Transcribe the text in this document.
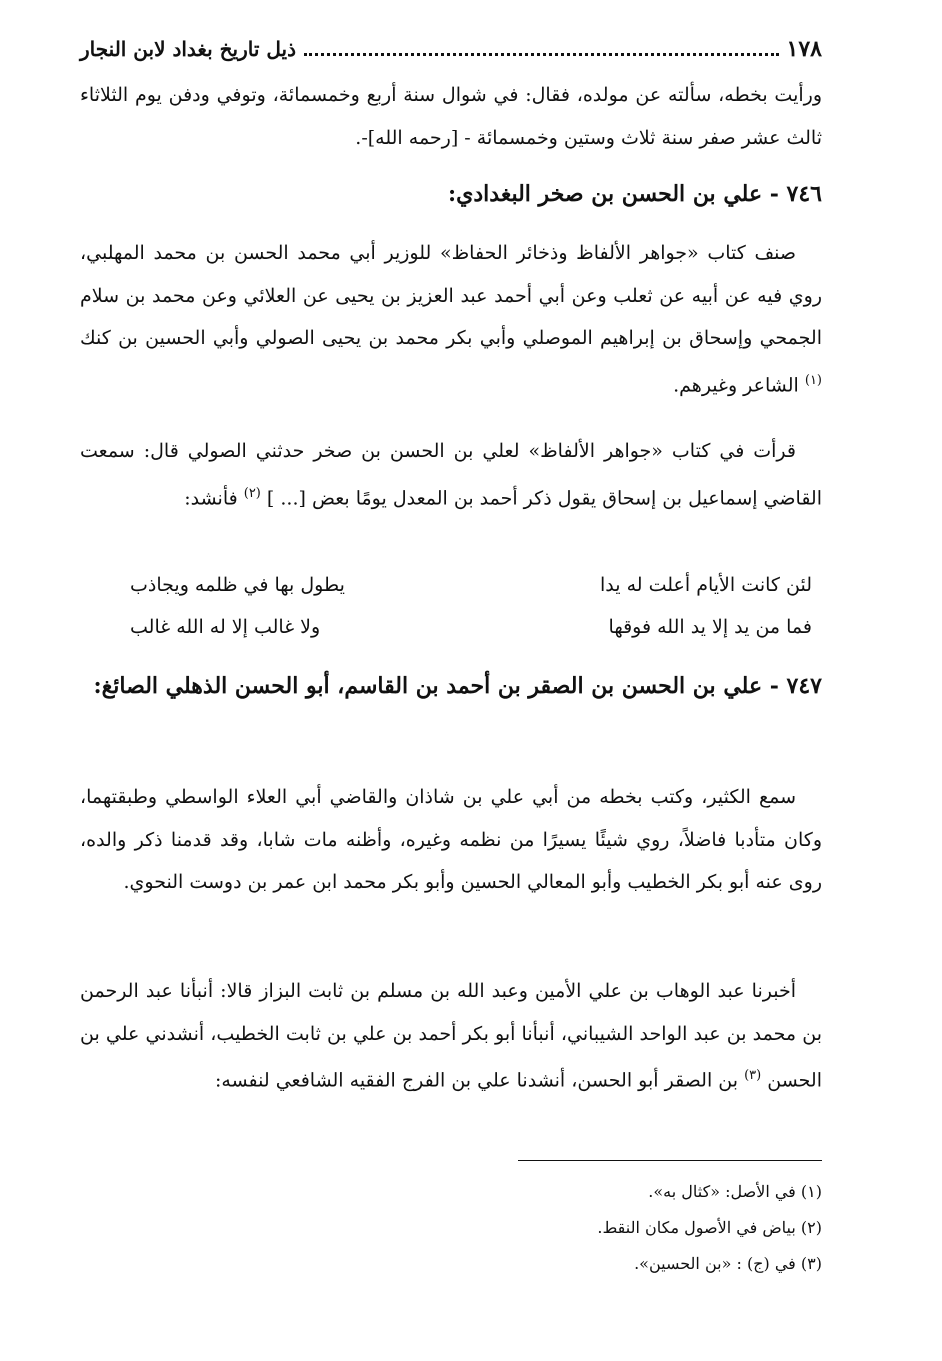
١٧٨
ذيل تاريخ بغداد لابن النجار

ورأيت بخطه، سألته عن مولده، فقال: في شوال سنة أربع وخمسمائة، وتوفي ودفن يوم الثلاثاء ثالث عشر صفر سنة ثلاث وستين وخمسمائة - [رحمه الله]-.

٧٤٦ - علي بن الحسن بن صخر البغدادي:

صنف كتاب «جواهر الألفاظ وذخائر الحفاظ» للوزير أبي محمد الحسن بن محمد المهلبي، روي فيه عن أبيه عن ثعلب وعن أبي أحمد عبد العزيز بن يحيى عن العلائي وعن محمد بن سلام الجمحي وإسحاق بن إبراهيم الموصلي وأبي بكر محمد بن يحيى الصولي وأبي الحسين بن كنك $^{(١)}$ الشاعر وغيرهم.

قرأت في كتاب «جواهر الألفاظ» لعلي بن الحسن بن صخر حدثني الصولي قال: سمعت القاضي إسماعيل بن إسحاق يقول ذكر أحمد بن المعدل يومًا بعض [... ] $^{(٢)}$ فأنشد:

لئن كانت الأيام أعلت له يدا
يطول بها في ظلمه ويجاذب
فما من يد إلا يد الله فوقها
ولا غالب إلا له الله غالب

٧٤٧ - علي بن الحسن بن الصقر بن أحمد بن القاسم، أبو الحسن الذهلي الصائغ:

سمع الكثير، وكتب بخطه من أبي علي بن شاذان والقاضي أبي العلاء الواسطي وطبقتهما، وكان متأدبا فاضلاً، روي شيئًا يسيرًا من نظمه وغيره، وأظنه مات شابا، وقد قدمنا ذكر والده، روى عنه أبو بكر الخطيب وأبو المعالي الحسين وأبو بكر محمد ابن عمر بن دوست النحوي.

أخبرنا عبد الوهاب بن علي الأمين وعبد الله بن مسلم بن ثابت البزاز قالا: أنبأنا عبد الرحمن بن محمد بن عبد الواحد الشيباني، أنبأنا أبو بكر أحمد بن علي بن ثابت الخطيب، أنشدني علي بن الحسن $^{(٣)}$ بن الصقر أبو الحسن، أنشدنا علي بن الفرج الفقيه الشافعي لنفسه:

(١) في الأصل: «كثال به».

(٢) بياض في الأصول مكان النقط.

(٣) في (ج) : «بن الحسين».
